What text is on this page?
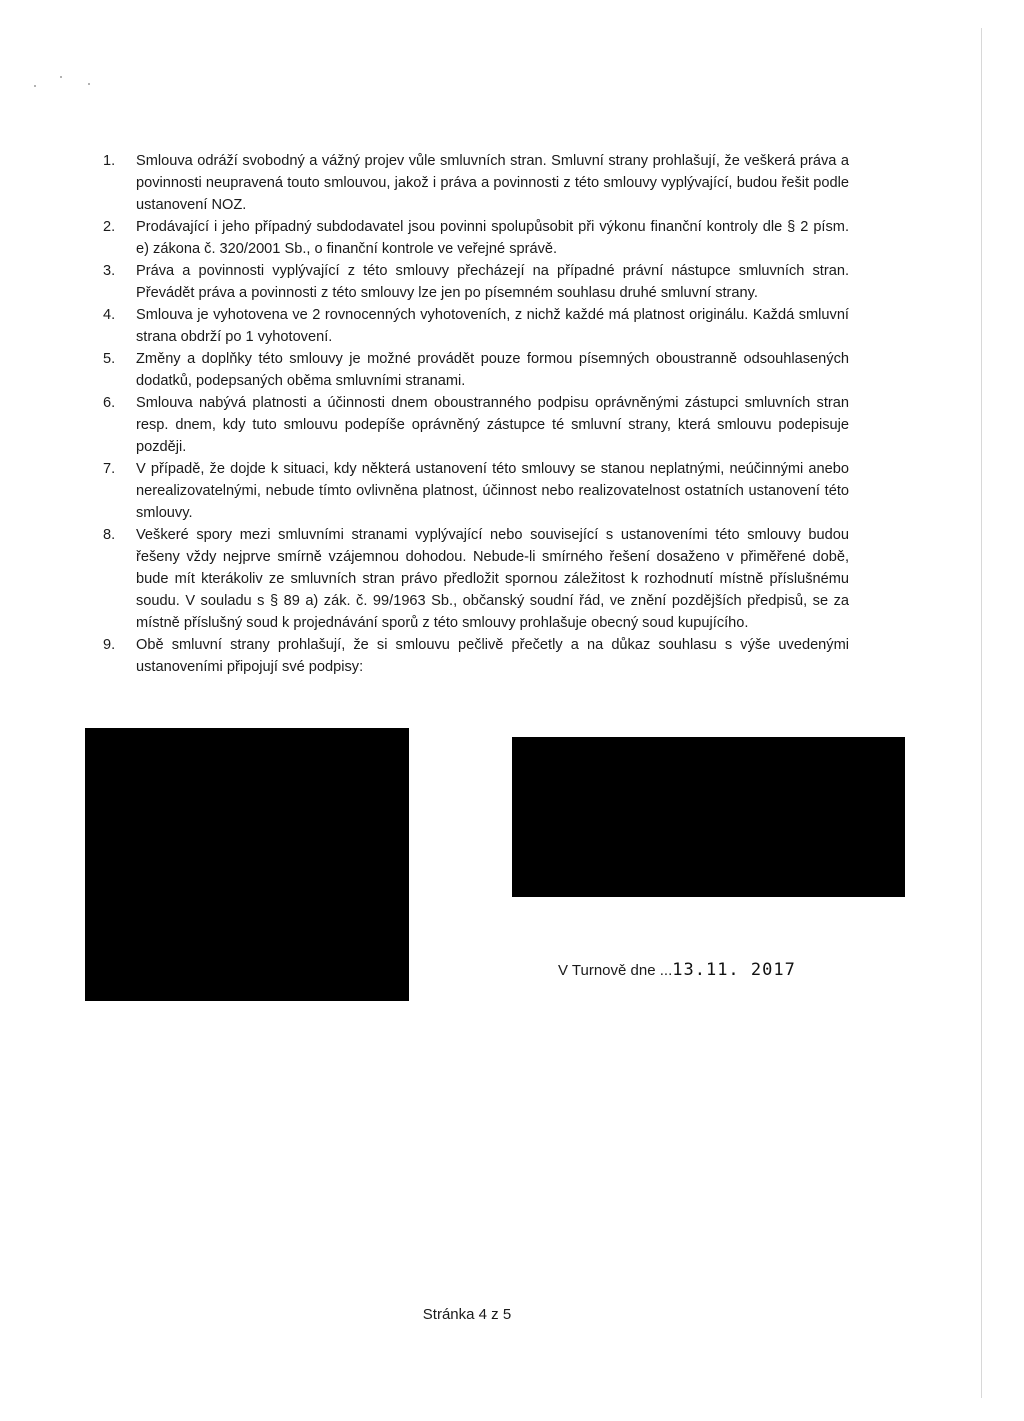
1. Smlouva odráží svobodný a vážný projev vůle smluvních stran. Smluvní strany prohlašují, že veškerá práva a povinnosti neupravená touto smlouvou, jakož i práva a povinnosti z této smlouvy vyplývající, budou řešit podle ustanovení NOZ.
2. Prodávající i jeho případný subdodavatel jsou povinni spolupůsobit při výkonu finanční kontroly dle § 2 písm. e) zákona č. 320/2001 Sb., o finanční kontrole ve veřejné správě.
3. Práva a povinnosti vyplývající z této smlouvy přecházejí na případné právní nástupce smluvních stran. Převádět práva a povinnosti z této smlouvy lze jen po písemném souhlasu druhé smluvní strany.
4. Smlouva je vyhotovena ve 2 rovnocenných vyhotoveních, z nichž každé má platnost originálu. Každá smluvní strana obdrží po 1 vyhotovení.
5. Změny a doplňky této smlouvy je možné provádět pouze formou písemných oboustranně odsouhlasených dodatků, podepsaných oběma smluvními stranami.
6. Smlouva nabývá platnosti a účinnosti dnem oboustranného podpisu oprávněnými zástupci smluvních stran resp. dnem, kdy tuto smlouvu podepíše oprávněný zástupce té smluvní strany, která smlouvu podepisuje později.
7. V případě, že dojde k situaci, kdy některá ustanovení této smlouvy se stanou neplatnými, neúčinnými anebo nerealizovatelnými, nebude tímto ovlivněna platnost, účinnost nebo realizovatelnost ostatních ustanovení této smlouvy.
8. Veškeré spory mezi smluvními stranami vyplývající nebo související s ustanoveními této smlouvy budou řešeny vždy nejprve smírně vzájemnou dohodou. Nebude-li smírného řešení dosaženo v přiměřené době, bude mít kterákoliv ze smluvních stran právo předložit spornou záležitost k rozhodnutí místně příslušnému soudu. V souladu s § 89 a) zák. č. 99/1963 Sb., občanský soudní řád, ve znění pozdějších předpisů, se za místně příslušný soud k projednávání sporů z této smlouvy prohlašuje obecný soud kupujícího.
9. Obě smluvní strany prohlašují, že si smlouvu pečlivě přečetly a na důkaz souhlasu s výše uvedenými ustanoveními připojují své podpisy:
V Turnově dne ...13.11. 2017
Stránka 4 z 5
